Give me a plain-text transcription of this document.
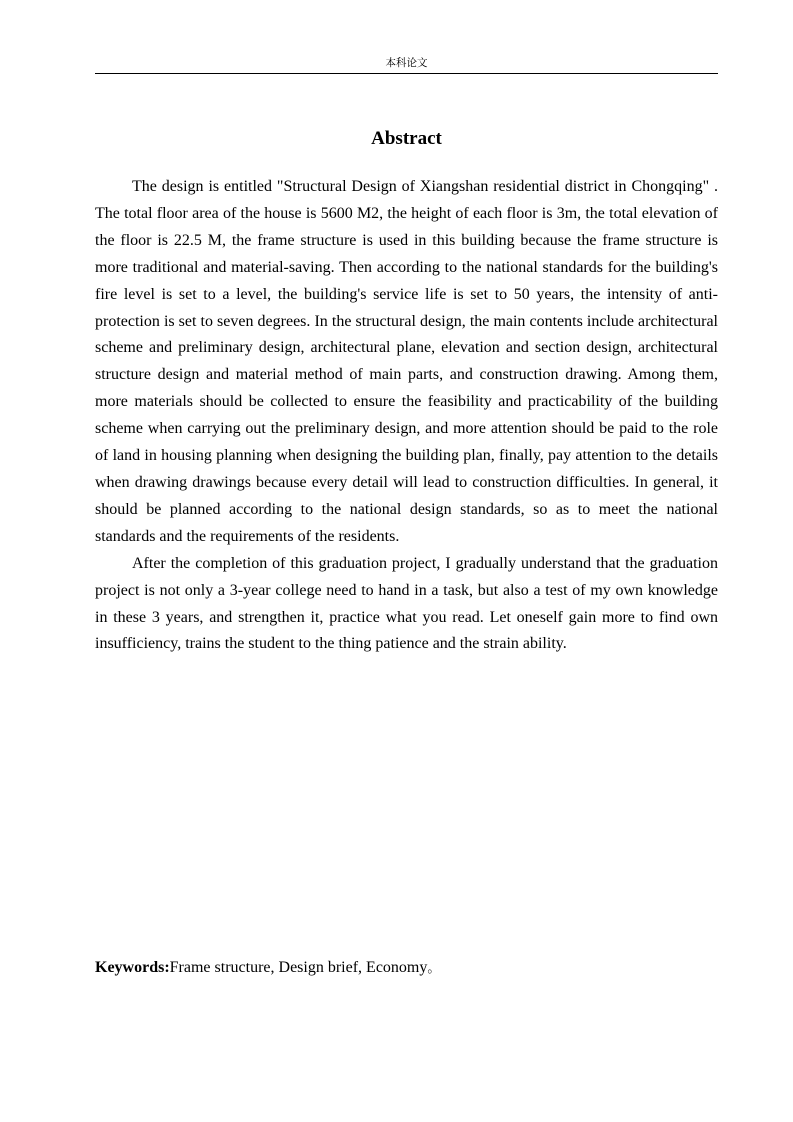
本科论文
Abstract

The design is entitled "Structural Design of Xiangshan residential district in Chongqing" . The total floor area of the house is 5600 M2, the height of each floor is 3m, the total elevation of the floor is 22.5 M, the frame structure is used in this building because the frame structure is more traditional and material-saving. Then according to the national standards for the building's fire level is set to a level, the building's service life is set to 50 years, the intensity of anti-protection is set to seven degrees. In the structural design, the main contents include architectural scheme and preliminary design, architectural plane, elevation and section design, architectural structure design and material method of main parts, and construction drawing. Among them, more materials should be collected to ensure the feasibility and practicability of the building scheme when carrying out the preliminary design, and more attention should be paid to the role of land in housing planning when designing the building plan, finally, pay attention to the details when drawing drawings because every detail will lead to construction difficulties. In general, it should be planned according to the national design standards, so as to meet the national standards and the requirements of the residents.

After the completion of this graduation project, I gradually understand that the graduation project is not only a 3-year college need to hand in a task, but also a test of my own knowledge in these 3 years, and strengthen it, practice what you read. Let oneself gain more to find own insufficiency, trains the student to the thing patience and the strain ability.

Keywords:Frame structure, Design brief, Economy。
